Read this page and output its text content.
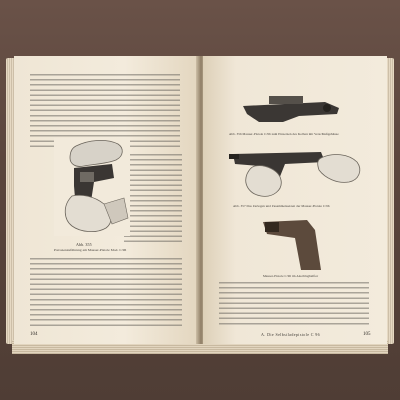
Abb. 355
Patronenzuführung am Mauser-Pistole Mod. C/96
104
Abb. 356 Mauser-Pistole C/96 zum Einsetzen des Kolben mit Verschlußgehäuse
Abb. 357 Das Zerlegen und Zusammensetzen der Mauser-Pistole C/96
Mauser-Pistole C/96 im Anschlaghalfter
A. Die Selbstladepistole C 96	105
